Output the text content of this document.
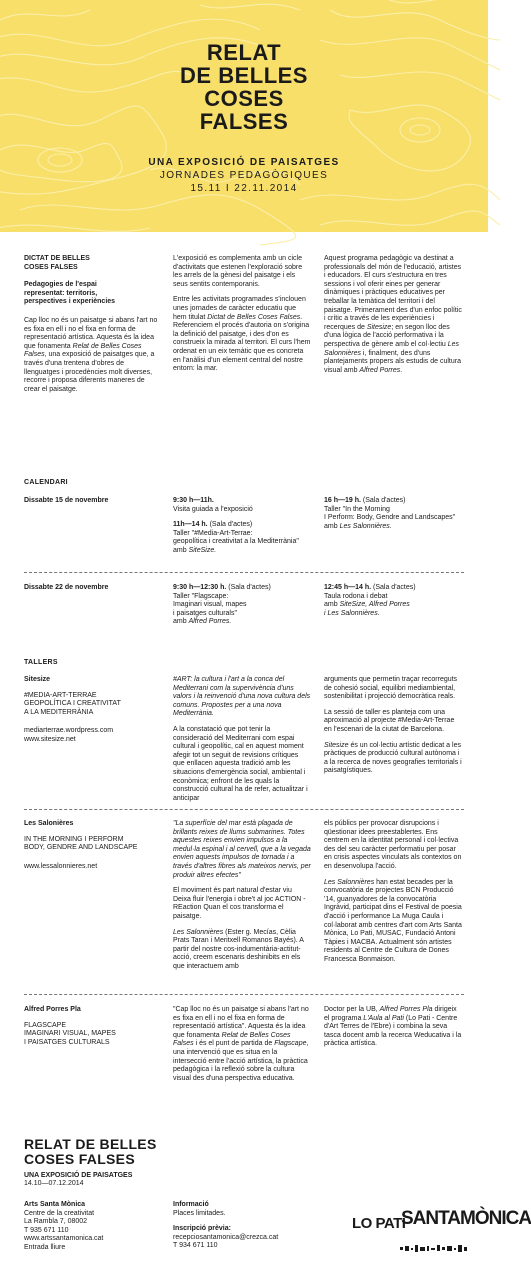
RELAT
DE BELLES
COSES
FALSES
UNA EXPOSICIÓ DE PAISATGES
JORNADES PEDAGÒGIQUES
15.11 I 22.11.2014
DICTAT DE BELLES
COSES FALSES
Pedagogies de l'espai
representat: territoris,
perspectives i experiències

Cap lloc no és un paisatge si abans l'art no es fixa en ell i no el fixa en forma de representació artística. Aquesta és la idea que fonamenta Relat de Belles Coses Falses, una exposició de paisatges que, a través d'una trentena d'obres de llenguatges i procedències molt diverses, recorre i proposa diferents maneres de crear el paisatge.

L'exposició es complementa amb un cicle d'activitats que estenen l'exploració sobre les arrels de la gènesi del paisatge i els seus sentits contemporanis.

Entre les activitats programades s'inclouen unes jornades de caràcter educatiu que hem titulat Dictat de Belles Coses Falses. Referenciem el procés d'autoria on s'origina la definició del paisatge, i des d'on es construeix la mirada al territori. El curs l'hem ordenat en un eix temàtic que es concreta en l'anàlisi d'un element central del nostre entorn: la mar.

Aquest programa pedagògic va destinat a professionals del món de l'educació, artistes i educadors. El curs s'estructura en tres sessions i vol oferir eines per generar dinàmiques i pràctiques educatives per treballar la temàtica del territori i del paisatge. Primerament des d'un enfoc polític i crític a través de les experiències i recerques de Sitesize; en segon lloc des d'una lògica de l'acció performativa i la perspectiva de gènere amb el col·lectiu Les Salonnières i, finalment, des d'uns plantejaments propers als estudis de cultura visual amb Alfred Porres.

CALENDARI
Dissabte 15 de novembre	9:30 h—11h.
Visita guiada a l'exposició
11h—14 h. (Sala d'actes)
Taller "#Media-Art-Terrae:
geopolítica i creativitat a la Mediterrània"
amb SiteSize.
16 h—19 h. (Sala d'actes)
Taller "In the Morning
I Perform: Body, Gendre and Landscapes"
amb Les Salonnières.
Dissabte 22 de novembre	9:30 h—12:30 h. (Sala d'actes)
Taller "Flagscape:
Imaginari visual, mapes
i paisatges culturals"
amb Alfred Porres.
12:45 h—14 h. (Sala d'actes)
Taula rodona i debat
amb SiteSize, Alfred Porres
i Les Salonnières.
TALLERS
Sitesize
#MEDIA-ART-TERRAE
GEOPOLÍTICA I CREATIVITAT
A LA MEDITERRÀNIA
mediarterrae.wordpress.com
www.sitesize.net

#ART: la cultura i l'art a la conca del Mediterrani com la supervivència d'uns valors i la reinvenció d'una nova cultura dels comuns. Propostes per a una nova Mediterrània.

A la constatació que pot tenir la consideració del Mediterrani com espai cultural i geopolític, cal en aquest moment afegir tot un seguit de revisions crítiques que enllacen aquesta tradició amb les situacions d'emergència social, ambiental i econòmica; enfront de les quals la construcció cultural ha de refer, actualitzar i anticipar

arguments que permetin traçar recorreguts de cohesió social, equilibri mediambiental, sostenibilitat i projecció democràtica reals.

La sessió de taller es planteja com una aproximació al projecte #Media-Art-Terrae en l'escenari de la ciutat de Barcelona.

Sitesize és un col·lectiu artístic dedicat a les pràctiques de producció cultural autònoma i a la recerca de noves geografies territorials i paisatgístiques.

Les Salonières
IN THE MORNING I PERFORM
BODY, GENDRE AND LANDSCAPE
www.lessalonnieres.net

"La superfície del mar està plagada de brillants reixes de llums submarines. Totes aquestes reixes envien impulsos a la medul·la espinal i al cervell, que a la vegada envien aquests impulsos de tornada i a través d'altres fibres als mateixos nervis, per produir altres efectes"

El moviment és part natural d'estar viu Deixa fluir l'energia i obre't al joc ACTION - REaction Quan el cos transforma el paisatge.

Les Salonnières (Ester g. Mecías, Cèlia Prats Taran i Meritxell Romanos Bayés). A partir del nostre cos-indumentària-actitut-acció, creem escenaris deshinibits en els que interactuem amb

els públics per provocar disrupcions i qüestionar idees preestablertes. Ens centrem en la identitat personal i col·lectiva des del seu caràcter performatiu per posar en crisis aspectes vinculats als contextos on en desenvolupa l'acció.

Les Salonnières han estat becades per la convocatòria de projectes BCN Producció '14, guanyadores de la convocatòria Ingràvid, participat dins el Festival de poesia d'acció i performance La Muga Caula i col·laborat amb centres d'art com Arts Santa Mònica, Lo Pati, MUSAC, Fundació Antoni Tàpies i MACBA. Actualment són artistes residents al Centre de Cultura de Dones Francesca Bonmaison.

Alfred Porres Pla
FLAGSCAPE
IMAGINARI VISUAL, MAPES
I PAISATGES CULTURALS

"Cap lloc no és un paisatge si abans l'art no es fixa en ell i no el fixa en forma de representació artística". Aquesta és la idea que fonamenta Relat de Belles Coses Falses i és el punt de partida de Flagscape, una intervenció que es situa en la intersecció entre l'acció artística, la pràctica pedagògica i la reflexió sobre la cultura visual des d'una perspectiva educativa.

Doctor per la UB, Alfred Porres Pla dirigeix el programa L'Aula al Pati (Lo Pati - Centre d'Art Terres de l'Ebre) i combina la seva tasca docent amb la recerca Weducativa i la pràctica artística.

RELAT DE BELLES
COSES FALSES
UNA EXPOSICIÓ DE PAISATGES
14.10—07.12.2014
Arts Santa Mònica
Centre de la creativitat
La Rambla 7, 08002
T 935 671 110
www.artssantamonica.cat
Entrada lliure
Informació
Places limitades.
Inscripció prèvia:
recepciosantamonica@crezca.cat
T 934 671 110
LO PATI
SANTAMÒNICA
